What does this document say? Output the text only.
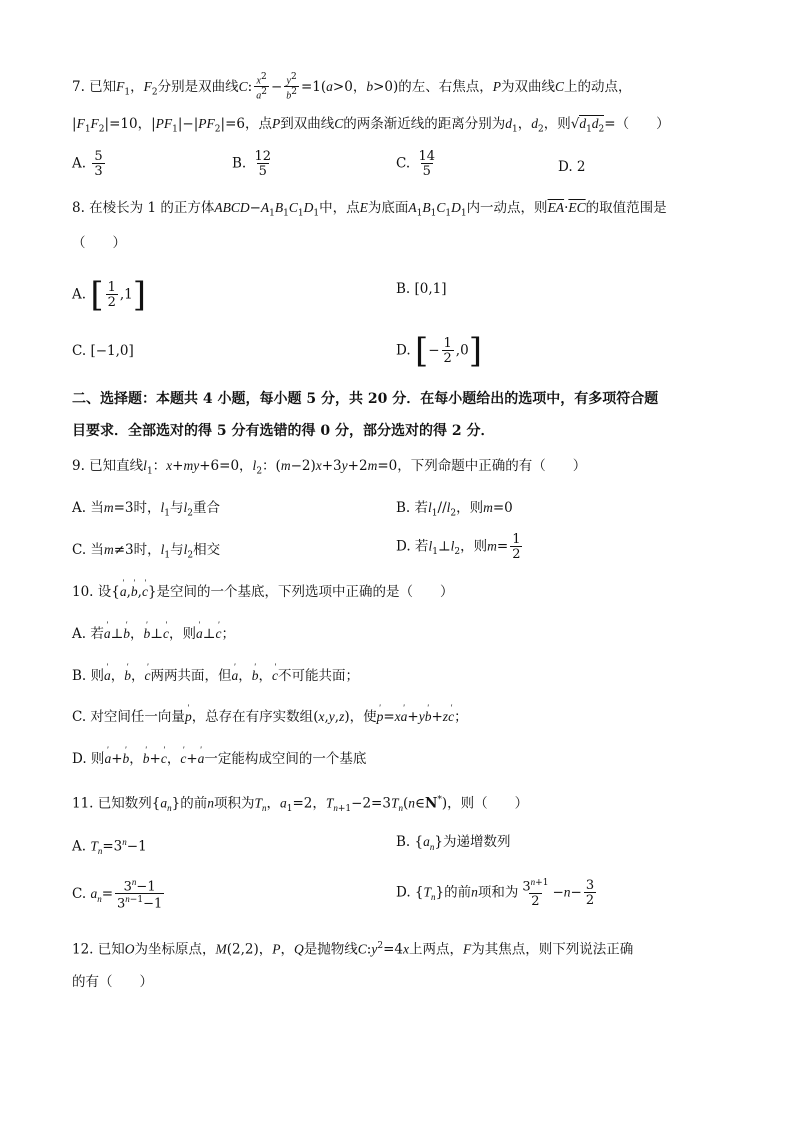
7. 已知$F_1$，$F_2$分别是双曲线C: $\frac{x^2}{a^2} - \frac{y^2}{b^2} =1(a>0$，b>0)的左、右焦点，P为双曲线C上的动点，
$|F_1F_2|=10$，$|PF_1|-|PF_2|=6$，点P到双曲线C的两条渐近线的距离分别为$d_1$，$d_2$，则$√d_1d_2=$（　　）
A. $\frac{5}{3}$	B. $\frac{12}{5}$	C. $\frac{14}{5}$	D. 2
8. 在棱长为 1 的正方体$ABCD-A_1B_1C_1D_1$中，点E为底面$A_1B_1C_1D_1$内一动点，则$\overline{EA}\cdot\overline{EC}$的取值范围是
（　　）
A. [ $\frac{1}{2} ,1$]	B. [0,1]
C. [−1,0]	D. [− $\frac{1}{2} ,0$]
二、选择题：本题共 4 小题，每小题 5 分，共 20 分．在每小题给出的选项中，有多项符合题
目要求．全部选对的得 5 分有选错的得 0 分，部分选对的得 2 分．
9. 已知直线$l_1$：x+my+6=0，$l_2$：(m−2)x+3y+2m=0，下列命题中正确的有（　　）
A. 当m=3时，$l_1$与$l_2$重合	B. 若$l_1//l_2$，则m=0
C. 当m≠3时，$l_1$与$l_2$相交	D. 若$l_1\perp l_2$，则$m= \frac{1}{2}$
10. 设{' a,' b,' c}是空间的一个基底，下列选项中正确的是（　　）
A. 若' a⊥' b，' b⊥' c，则' a⊥' c；
B. 则' a，' b，' c两两共面，但' a，' b，' c不可能共面；
C. 对空间任一向量' p，总存在有序实数组(x,y,z)，使' p=x' a+y' b+z' c；
D. 则' a+' b，' b+' c，' c+' a一定能构成空间的一个基底
11. 已知数列$\{a_n\}$的前n项积为$T_n$，$a_1=2$，$T_{n+1}-2=3T_n(n\in N^*)$，则（　　）
A. $T_n=3^n-1$	B. $\{a_n\}$为递增数列
C. $a_n= \frac{3^n-1}{3^{n-1}-1}$	D. $\{T_n\}$的前n项和为 $\frac{3^{n+1}}{2} -n- \frac{3}{2}$
12. 已知O为坐标原点，M(2,2)，P，Q是抛物线$C:y^2=4x$上两点，F为其焦点，则下列说法正确
的有（　　）
